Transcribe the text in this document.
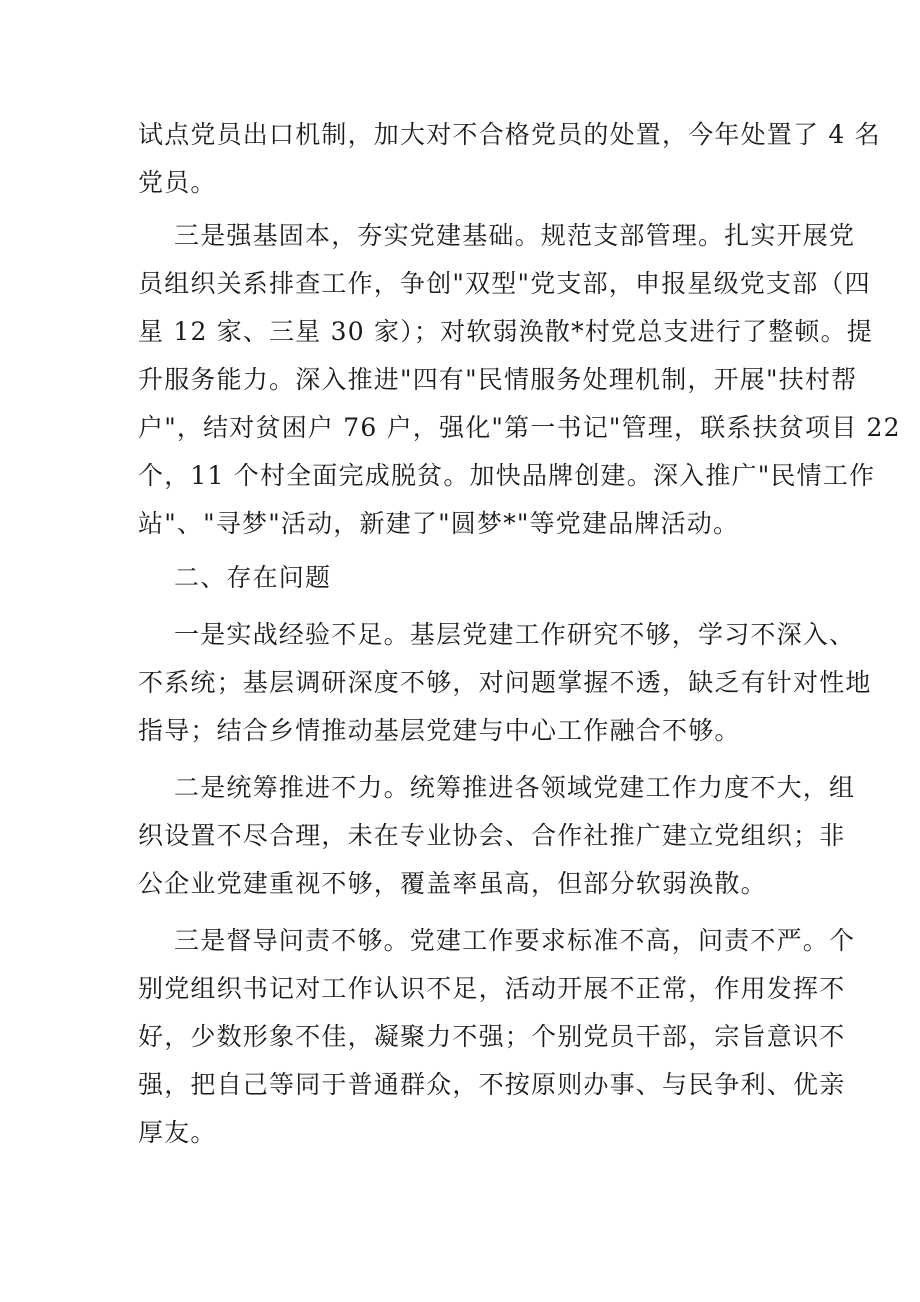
试点党员出口机制，加大对不合格党员的处置，今年处置了 4 名
党员。
三是强基固本，夯实党建基础。规范支部管理。扎实开展党
员组织关系排查工作，争创"双型"党支部，申报星级党支部（四
星 12 家、三星 30 家）；对软弱涣散*村党总支进行了整顿。提
升服务能力。深入推进"四有"民情服务处理机制，开展"扶村帮
户"，结对贫困户 76 户，强化"第一书记"管理，联系扶贫项目 22
个，11 个村全面完成脱贫。加快品牌创建。深入推广"民情工作
站"、"寻梦"活动，新建了"圆梦*"等党建品牌活动。
二、存在问题
一是实战经验不足。基层党建工作研究不够，学习不深入、
不系统；基层调研深度不够，对问题掌握不透，缺乏有针对性地
指导；结合乡情推动基层党建与中心工作融合不够。
二是统筹推进不力。统筹推进各领域党建工作力度不大，组
织设置不尽合理，未在专业协会、合作社推广建立党组织；非
公企业党建重视不够，覆盖率虽高，但部分软弱涣散。
三是督导问责不够。党建工作要求标准不高，问责不严。个
别党组织书记对工作认识不足，活动开展不正常，作用发挥不
好，少数形象不佳，凝聚力不强；个别党员干部，宗旨意识不
强，把自己等同于普通群众，不按原则办事、与民争利、优亲
厚友。
